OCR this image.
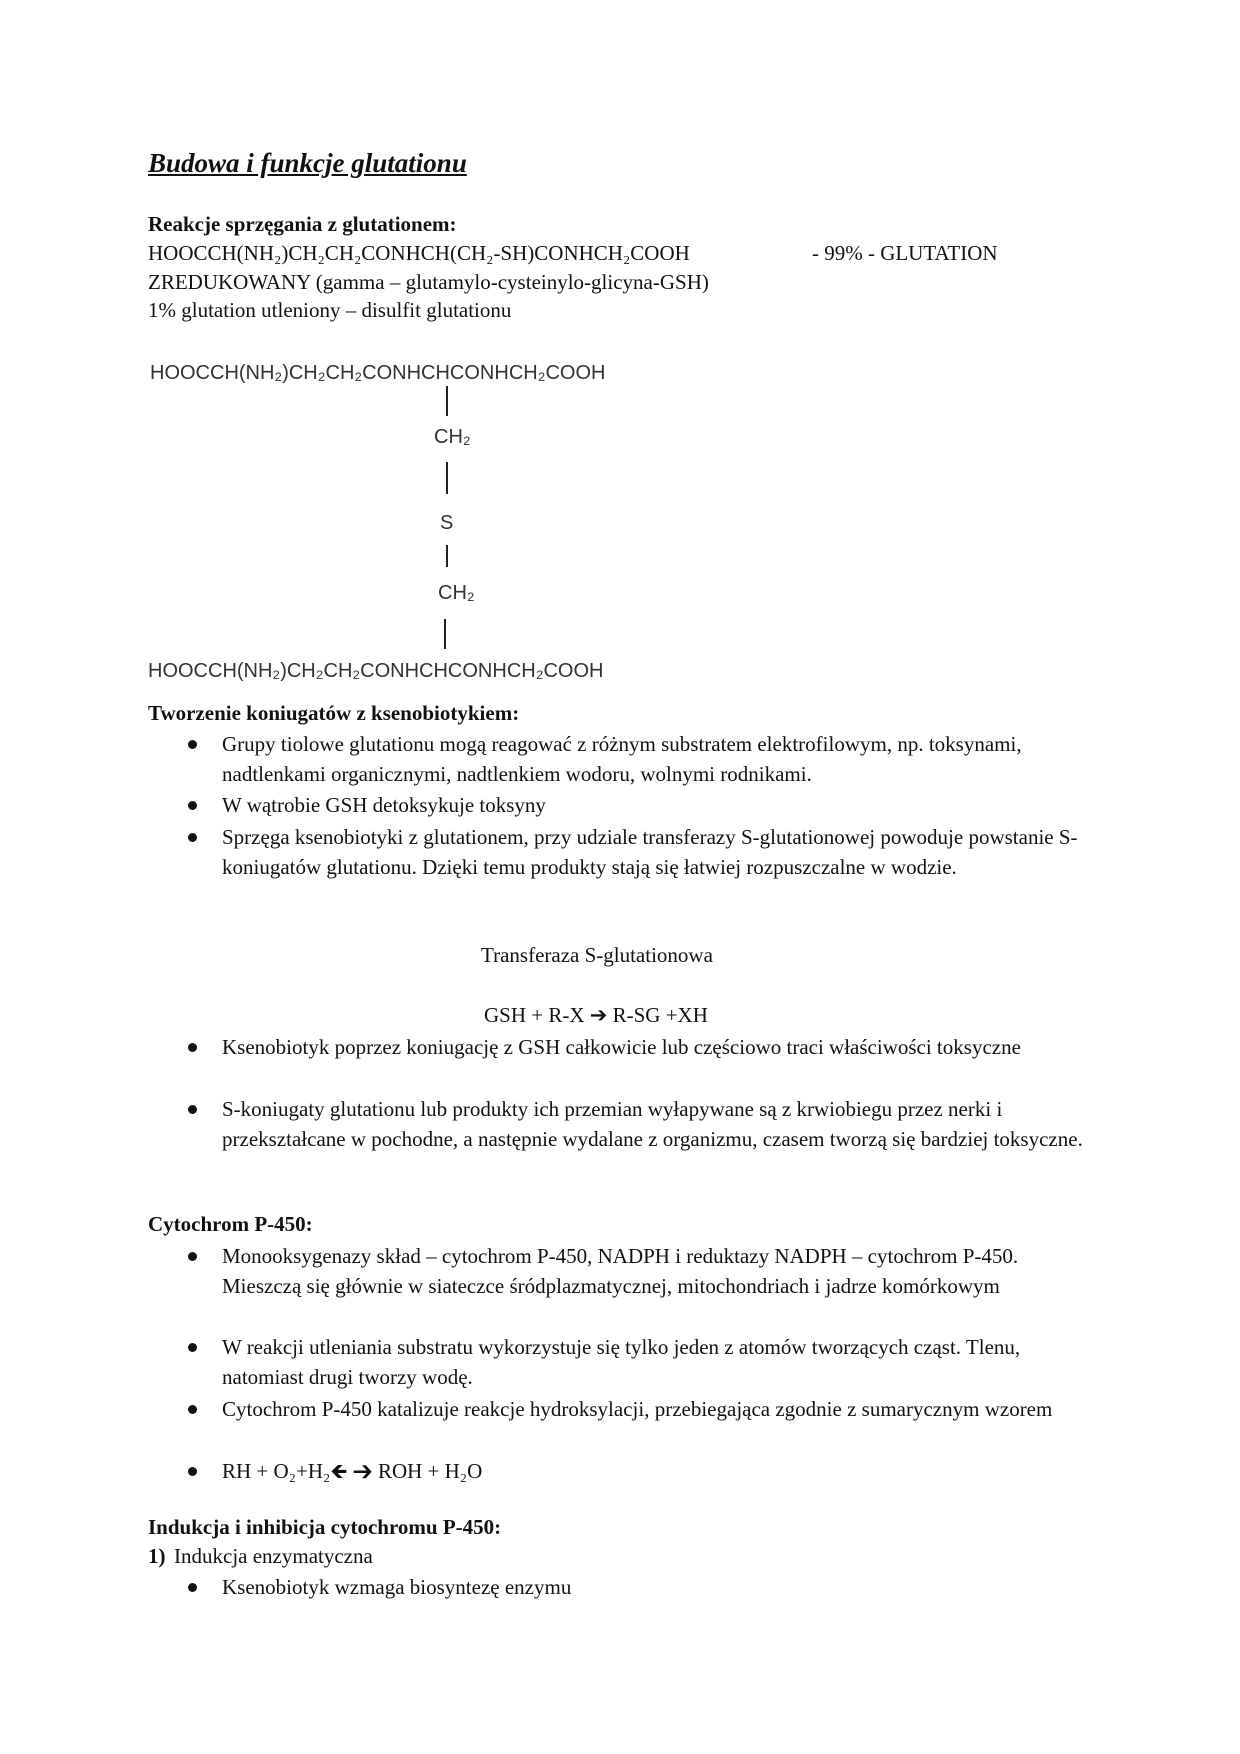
Budowa i funkcje glutationu
Reakcje sprzęgania z glutationem:
HOOCCH(NH₂)CH₂CH₂CONHCH(CH₂-SH)CONHCH₂COOH	- 99% - GLUTATION
ZREDUKOWANY (gamma – glutamylo-cysteinylo-glicyna-GSH)
1% glutation utleniony – disulfit glutationu
HOOCCH(NH₂)CH₂CH₂CONHCHCONHCH₂COOH
CH₂
S
CH₂
HOOCCH(NH₂)CH₂CH₂CONHCHCONHCH₂COOH
Tworzenie koniugatów z ksenobiotykiem:
Grupy tiolowe glutationu mogą reagować z różnym substratem elektrofilowym, np. toksynami, nadtlenkami organicznymi, nadtlenkiem wodoru, wolnymi rodnikami.
W wątrobie GSH detoksykuje toksyny
Sprzęga ksenobiotyki z glutationem, przy udziale transferazy S-glutationowej powoduje powstanie S-koniugatów glutationu. Dzięki temu produkty stają się łatwiej rozpuszczalne w wodzie.
Transferaza S-glutationowa
GSH + R-X ➔ R-SG +XH
Ksenobiotyk poprzez koniugację z GSH całkowicie lub częściowo traci właściwości toksyczne
S-koniugaty glutationu lub produkty ich przemian wyłapywane są z krwiobiegu przez nerki i przekształcane w pochodne, a następnie wydalane z organizmu, czasem tworzą się bardziej toksyczne.
Cytochrom P-450:
Monooksygenazy skład – cytochrom P-450, NADPH i reduktazy NADPH – cytochrom P-450. Mieszczą się głównie w siateczce śródplazmatycznej, mitochondriach i jadrze komórkowym
W reakcji utleniania substratu wykorzystuje się tylko jeden z atomów tworzących cząst. Tlenu, natomiast drugi tworzy wodę.
Cytochrom P-450 katalizuje reakcje hydroksylacji, przebiegająca zgodnie z sumarycznym wzorem
RH + O₂+H₂🡸 ➔ ROH + H₂O
Indukcja i inhibicja cytochromu P-450:
1) Indukcja enzymatyczna
Ksenobiotyk wzmaga biosyntezę enzymu
